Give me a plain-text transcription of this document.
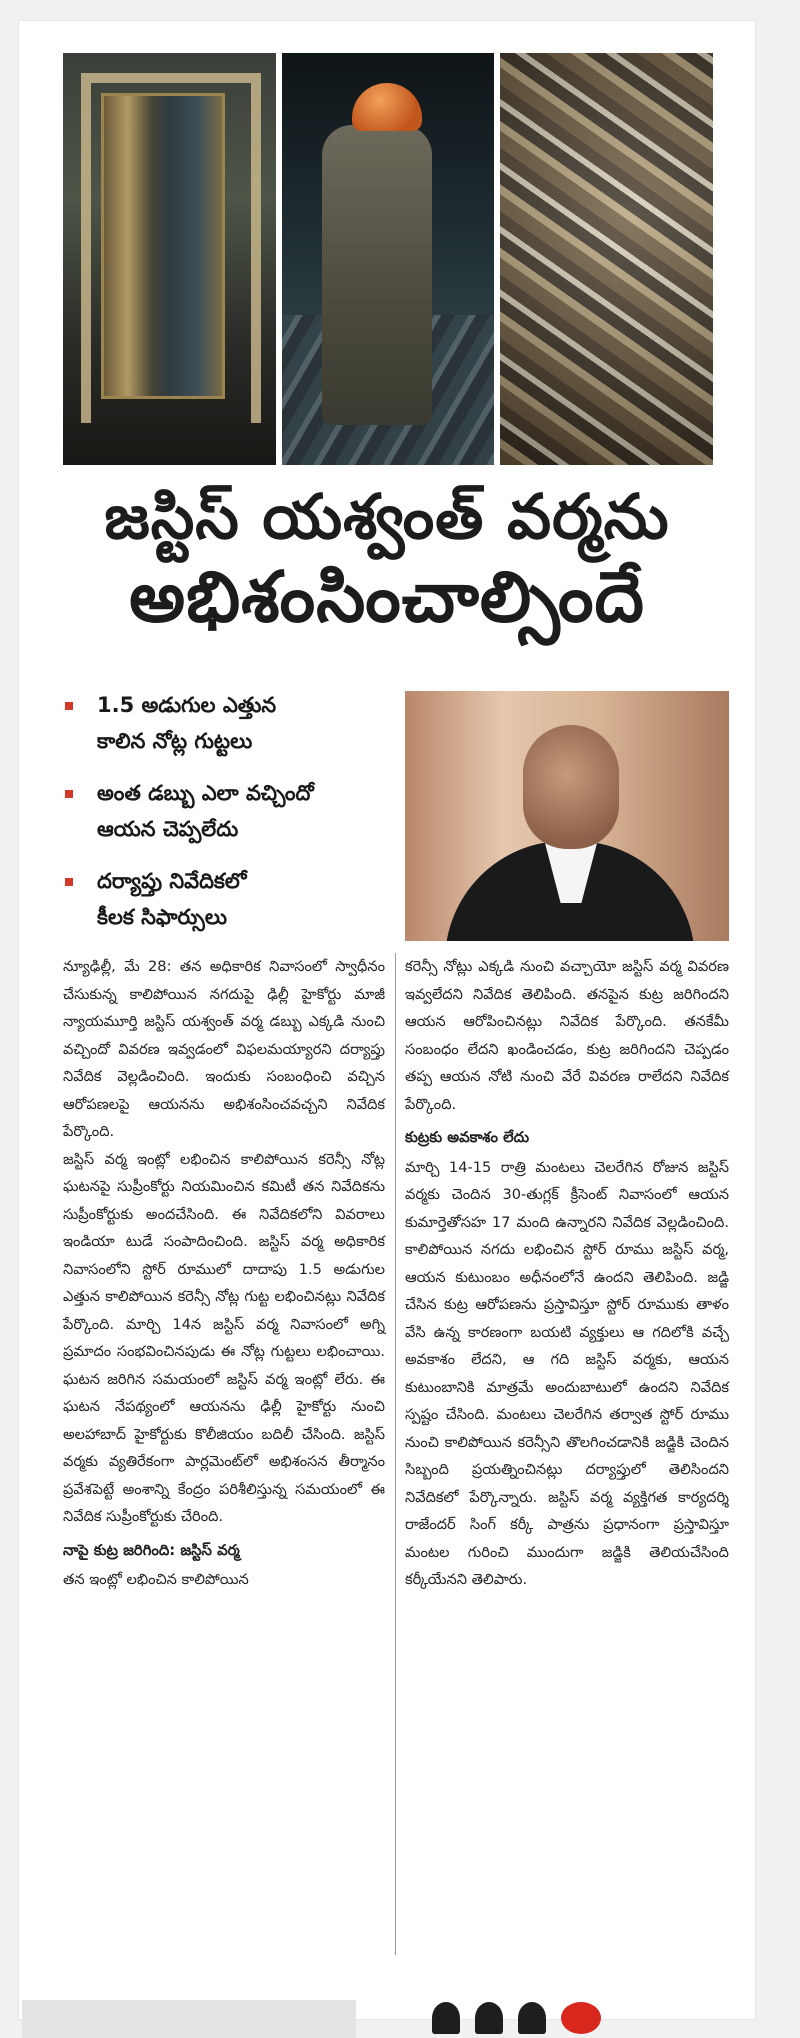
జస్టిస్ యశ్వంత్ వర్మను
అభిశంసించాల్సిందే
1.5 అడుగుల ఎత్తున
కాలిన నోట్ల గుట్టలు
అంత డబ్బు ఎలా వచ్చిందో
ఆయన చెప్పలేదు
దర్యాప్తు నివేదికలో
కీలక సిఫార్సులు

న్యూఢిల్లీ, మే 28: తన అధికారిక నివాసంలో స్వాధీనం చేసుకున్న కాలిపోయిన నగదుపై ఢిల్లీ హైకోర్టు మాజీ న్యాయమూర్తి జస్టిస్ యశ్వంత్ వర్మ డబ్బు ఎక్కడి నుంచి వచ్చిందో వివరణ ఇవ్వడంలో విఫలమయ్యారని దర్యాప్తు నివేదిక వెల్లడించింది. ఇందుకు సంబంధించి వచ్చిన ఆరోపణలపై ఆయనను అభిశంసించవచ్చని నివేదిక పేర్కొంది.

జస్టిస్ వర్మ ఇంట్లో లభించిన కాలిపోయిన కరెన్సీ నోట్ల ఘటనపై సుప్రీంకోర్టు నియమించిన కమిటీ తన నివేదికను సుప్రీంకోర్టుకు అందచేసింది. ఈ నివేదికలోని వివరాలు ఇండియా టుడే సంపాదించింది. జస్టిస్ వర్మ అధికారిక నివాసంలోని స్టోర్ రూములో దాదాపు 1.5 అడుగుల ఎత్తున కాలిపోయిన కరెన్సీ నోట్ల గుట్ట లభించినట్లు నివేదిక పేర్కొంది. మార్చి 14న జస్టిస్ వర్మ నివాసంలో అగ్ని ప్రమాదం సంభవించినపుడు ఈ నోట్ల గుట్టలు లభించాయి. ఘటన జరిగిన సమయంలో జస్టిస్ వర్మ ఇంట్లో లేరు. ఈ ఘటన నేపథ్యంలో ఆయనను ఢిల్లీ హైకోర్టు నుంచి అలహాబాద్ హైకోర్టుకు కొలీజియం బదిలీ చేసింది. జస్టిస్ వర్మకు వ్యతిరేకంగా పార్లమెంట్‌లో అభిశంసన తీర్మానం ప్రవేశపెట్టే అంశాన్ని కేంద్రం పరిశీలిస్తున్న సమయంలో ఈ నివేదిక సుప్రీంకోర్టుకు చేరింది.

నాపై కుట్ర జరిగింది: జస్టిస్ వర్మ

తన ఇంట్లో లభించిన కాలిపోయిన

కరెన్సీ నోట్లు ఎక్కడి నుంచి వచ్చాయో జస్టిస్ వర్మ వివరణ ఇవ్వలేదని నివేదిక తెలిపింది. తనపైన కుట్ర జరిగిందని ఆయన ఆరోపించినట్లు నివేదిక పేర్కొంది. తనకేమీ సంబంధం లేదని ఖండించడం, కుట్ర జరిగిందని చెప్పడం తప్ప ఆయన నోటి నుంచి వేరే వివరణ రాలేదని నివేదిక పేర్కొంది.

కుట్రకు అవకాశం లేదు

మార్చి 14-15 రాత్రి మంటలు చెలరేగిన రోజున జస్టిస్ వర్మకు చెందిన 30-తుగ్లక్ క్రీసెంట్ నివాసంలో ఆయన కుమార్తెతోసహ 17 మంది ఉన్నారని నివేదిక వెల్లడించింది. కాలిపోయిన నగదు లభించిన స్టోర్ రూము జస్టిస్ వర్మ, ఆయన కుటుంబం అధీనంలోనే ఉందని తెలిపింది. జడ్జి చేసిన కుట్ర ఆరోపణను ప్రస్తావిస్తూ స్టోర్ రూముకు తాళం వేసి ఉన్న కారణంగా బయటి వ్యక్తులు ఆ గదిలోకి వచ్చే అవకాశం లేదని, ఆ గది జస్టిస్ వర్మకు, ఆయన కుటుంబానికి మాత్రమే అందుబాటులో ఉందని నివేదిక స్పష్టం చేసింది. మంటలు చెలరేగిన తర్వాత స్టోర్ రూము నుంచి కాలిపోయిన కరెన్సీని తొలగించడానికి జడ్జికి చెందిన సిబ్బంది ప్రయత్నించినట్లు దర్యాప్తులో తెలిసిందని నివేదికలో పేర్కొన్నారు. జస్టిస్ వర్మ వ్యక్తిగత కార్యదర్శి రాజేందర్ సింగ్ కర్కీ పాత్రను ప్రధానంగా ప్రస్తావిస్తూ మంటల గురించి ముందుగా జడ్జికి తెలియచేసింది కర్కీయేనని తెలిపారు.
